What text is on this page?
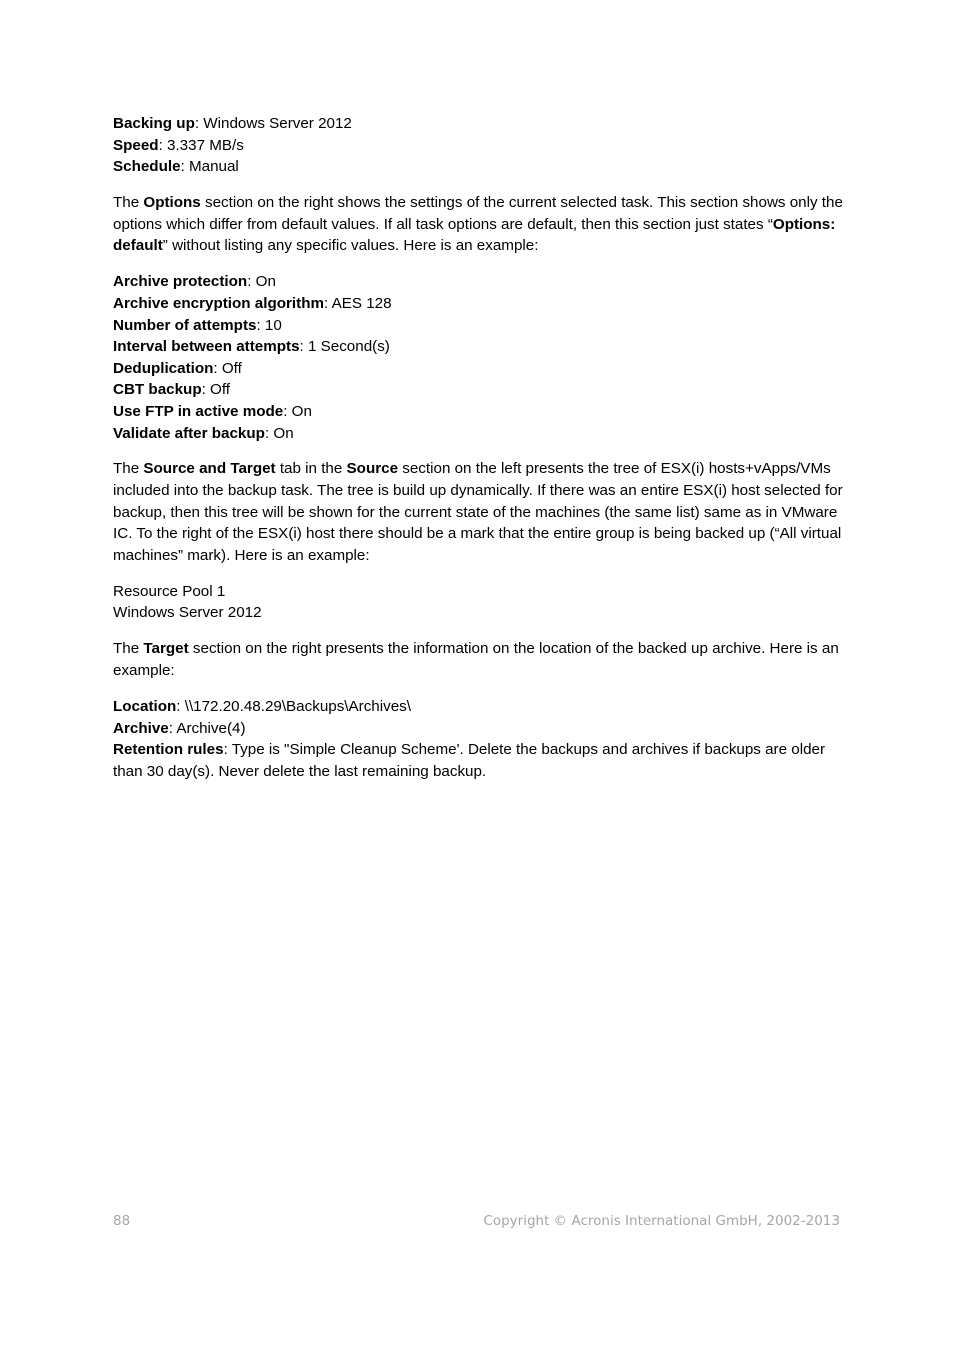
Backing up: Windows Server 2012
Speed: 3.337 MB/s
Schedule: Manual
The Options section on the right shows the settings of the current selected task. This section shows only the options which differ from default values. If all task options are default, then this section just states “Options: default” without listing any specific values. Here is an example:
Archive protection: On
Archive encryption algorithm: AES 128
Number of attempts: 10
Interval between attempts: 1 Second(s)
Deduplication: Off
CBT backup: Off
Use FTP in active mode: On
Validate after backup: On
The Source and Target tab in the Source section on the left presents the tree of ESX(i) hosts+vApps/VMs included into the backup task. The tree is build up dynamically. If there was an entire ESX(i) host selected for backup, then this tree will be shown for the current state of the machines (the same list) same as in VMware IC. To the right of the ESX(i) host there should be a mark that the entire group is being backed up (“All virtual machines” mark). Here is an example:
Resource Pool 1
Windows Server 2012
The Target section on the right presents the information on the location of the backed up archive. Here is an example:
Location: \\172.20.48.29\Backups\Archives\
Archive: Archive(4)
Retention rules: Type is "Simple Cleanup Scheme'. Delete the backups and archives if backups are older than 30 day(s). Never delete the last remaining backup.
88	Copyright © Acronis International GmbH, 2002-2013
